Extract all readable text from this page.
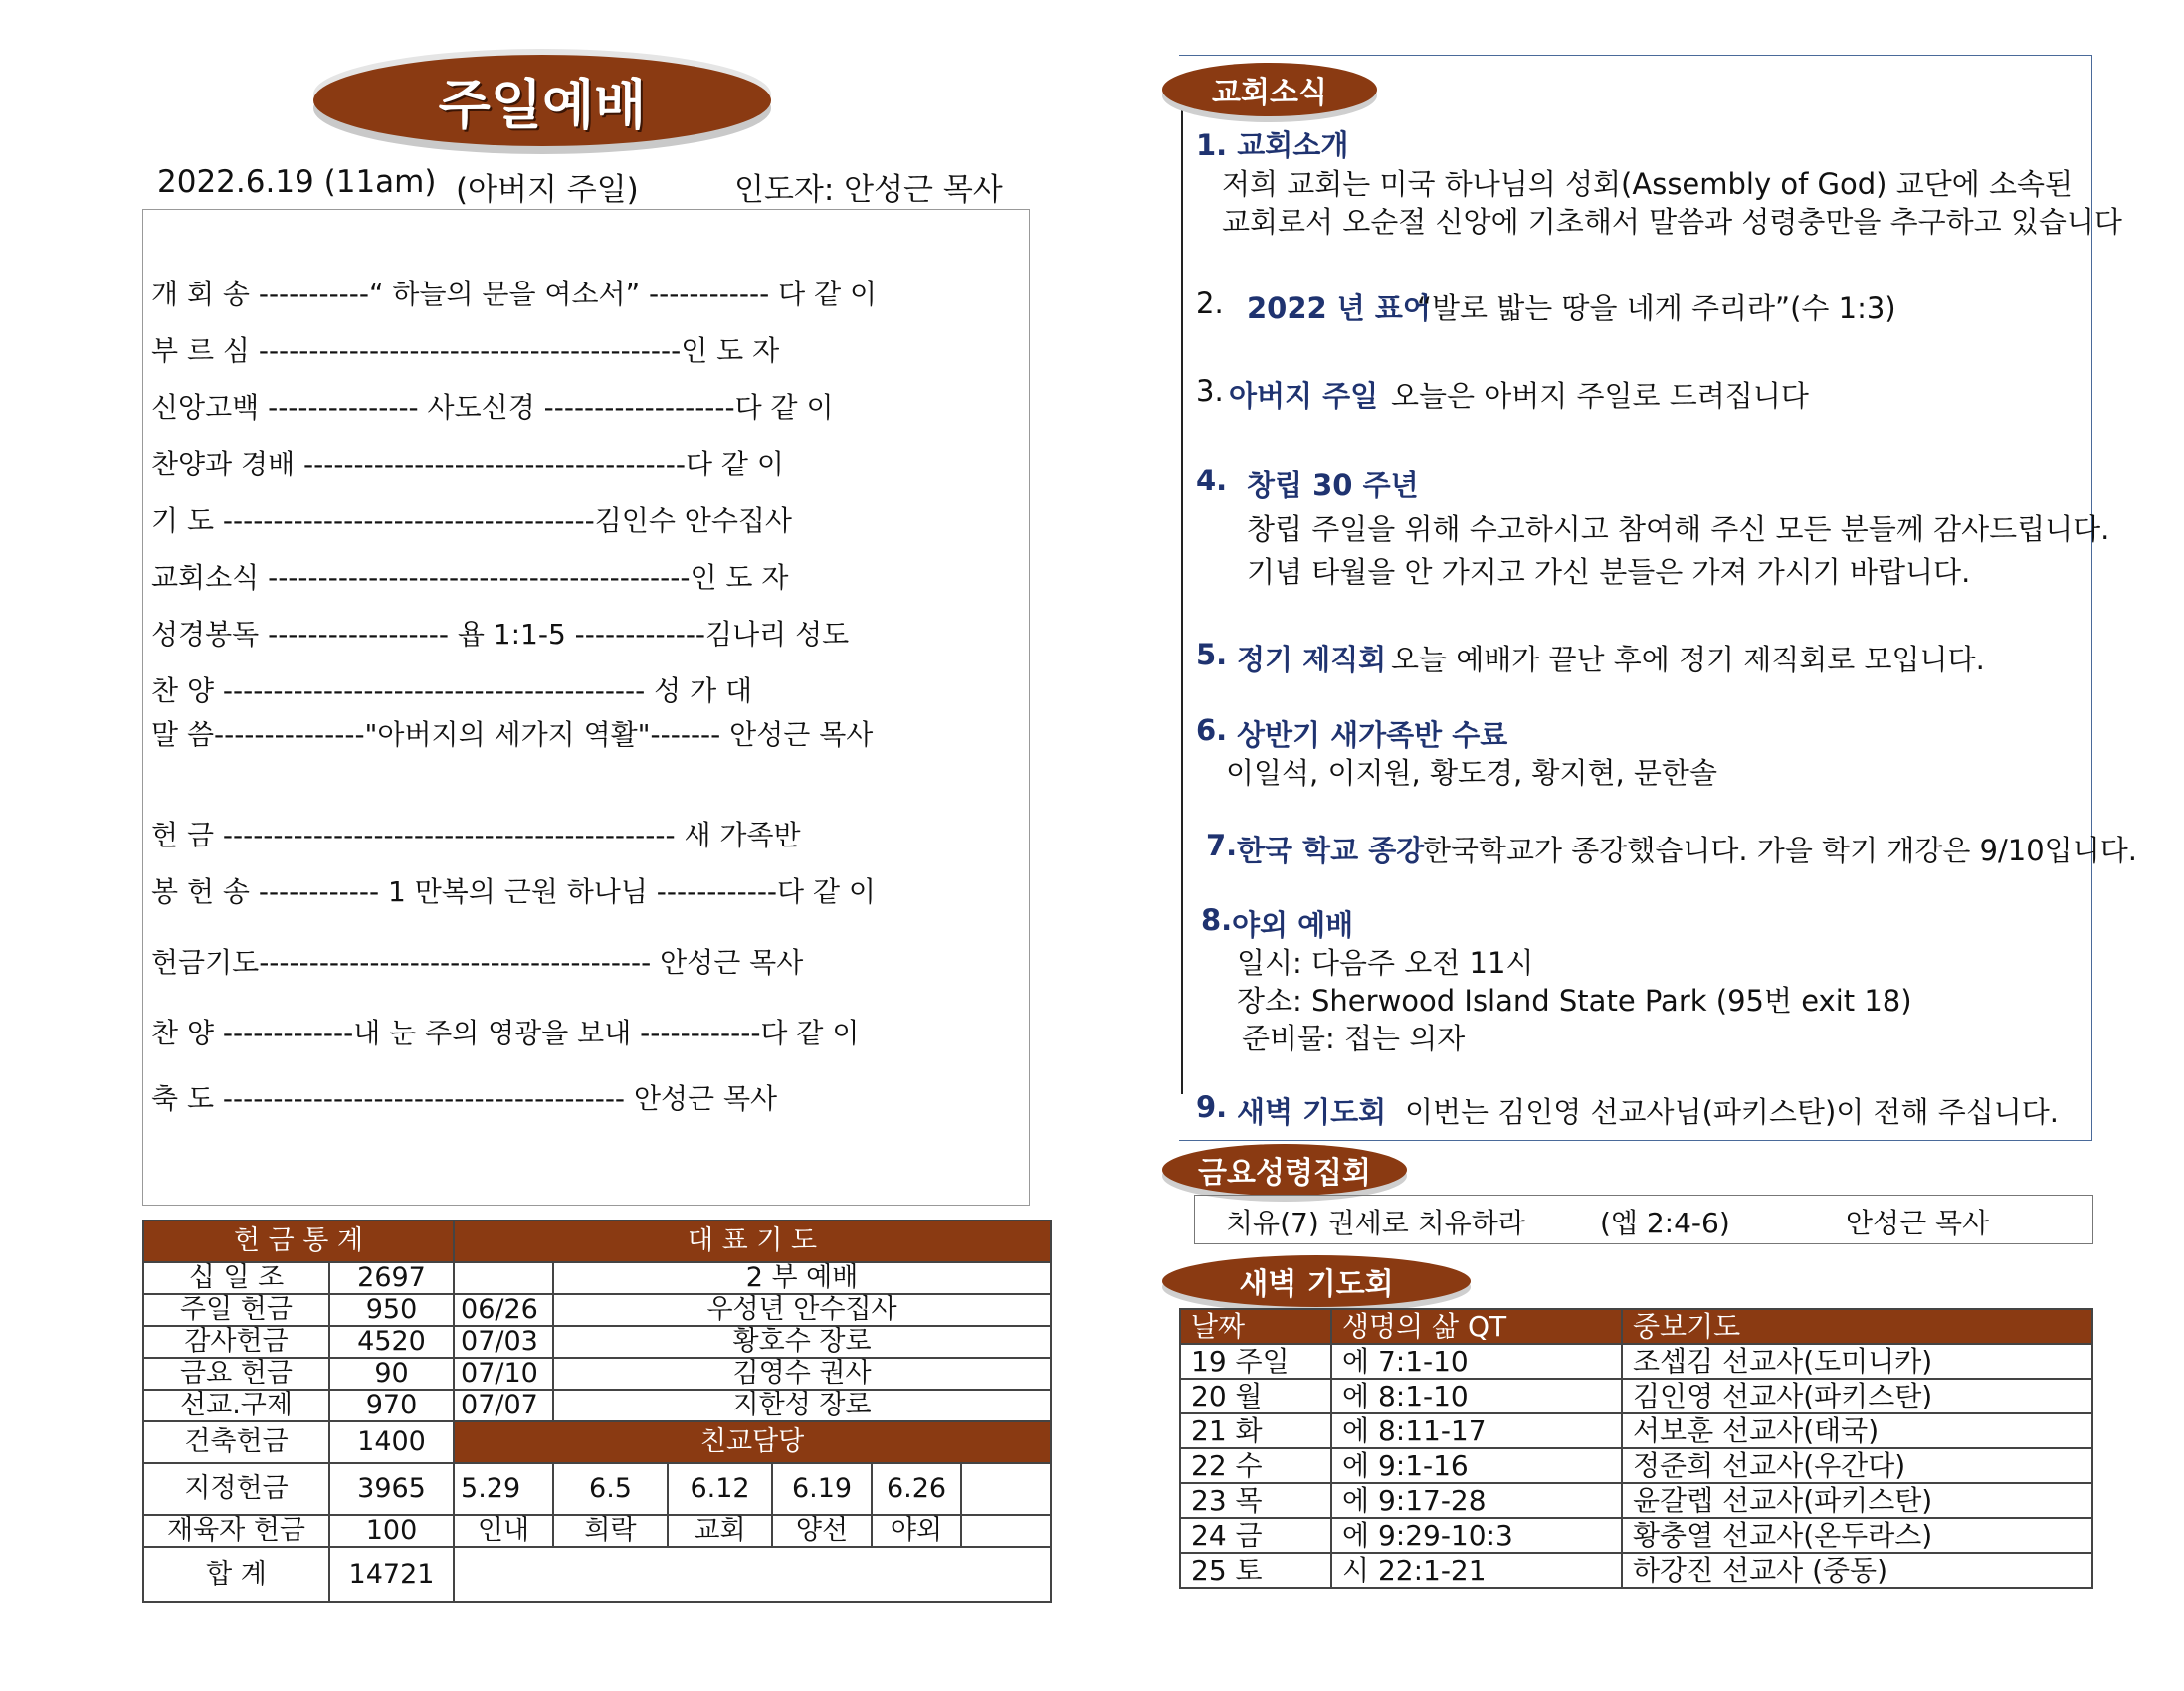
주일예배
2022.6.19 (11am) (아버지 주일)	인도자: 안성근 목사
개 회 송 -----------“ 하늘의 문을 여소서” ------------ 다 같 이
부 르 심 ------------------------------------------인 도 자
신앙고백 --------------- 사도신경 -------------------다 같 이
찬양과 경배 --------------------------------------다 같 이
기 도 -------------------------------------김인수 안수집사
교회소식 ------------------------------------------인 도 자
성경봉독 ------------------ 욥 1:1-5 -------------김나리 성도
찬 양 ------------------------------------------ 성 가 대
말 씀---------------"아버지의 세가지 역활"------- 안성근 목사
헌 금 --------------------------------------------- 새 가족반
봉 헌 송 ------------ 1 만복의 근원 하나님 ------------다 같 이
헌금기도--------------------------------------- 안성근 목사
찬 양 -------------내 눈 주의 영광을 보내 ------------다 같 이
축 도 ---------------------------------------- 안성근 목사
헌 금 통 계		대 표 기 도					
십 일 조	2697		2 부 예배				
주일 헌금	950	06/26	우성년 안수집사				
감사헌금	4520	07/03	황호수 장로				
금요 헌금	90	07/10	김영수 권사				
선교.구제	970	07/07	지한성 장로				
건축헌금	1400	친교담당					
지정헌금	3965	5.29	6.5	6.12	6.19	6.26	
재육자 헌금	100	인내	희락	교회	양선	야외	
합 계	14721						
교회소식
1. 교회소개
저희 교회는 미국 하나님의 성회(Assembly of God) 교단에 소속된
교회로서 오순절 신앙에 기초해서 말씀과 성령충만을 추구하고 있습니다
2. 2022 년 표어
“발로 밟는 땅을 네게 주리라”(수 1:3)
3. 아버지 주일 오늘은 아버지 주일로 드려집니다
4. 창립 30 주년
창립 주일을 위해 수고하시고 참여해 주신 모든 분들께 감사드립니다.
기념 타월을 안 가지고 가신 분들은 가져 가시기 바랍니다.
5. 정기 제직회 오늘 예배가 끝난 후에 정기 제직회로 모입니다.
6. 상반기 새가족반 수료
이일석, 이지원, 황도경, 황지현, 문한솔
7. 한국 학교 종강
한국학교가 종강했습니다. 가을 학기 개강은 9/10입니다.
8. 야외 예배
일시: 다음주 오전 11시
장소: Sherwood Island State Park (95번 exit 18)
준비물: 접는 의자
9. 새벽 기도회 이번는 김인영 선교사님(파키스탄)이 전해 주십니다.
금요성령집회
치유(7) 권세로 치유하라	(엡 2:4-6)	안성근 목사
새벽 기도회
날짜	생명의 삶 QT	중보기도
19 주일	에 7:1-10	조셉김 선교사(도미니카)
20 월	에 8:1-10	김인영 선교사(파키스탄)
21 화	에 8:11-17	서보훈 선교사(태국)
22 수	에 9:1-16	정준희 선교사(우간다)
23 목	에 9:17-28	윤갈렙 선교사(파키스탄)
24 금	에 9:29-10:3	황충열 선교사(온두라스)
25 토	시 22:1-21	하강진 선교사 (중동)
